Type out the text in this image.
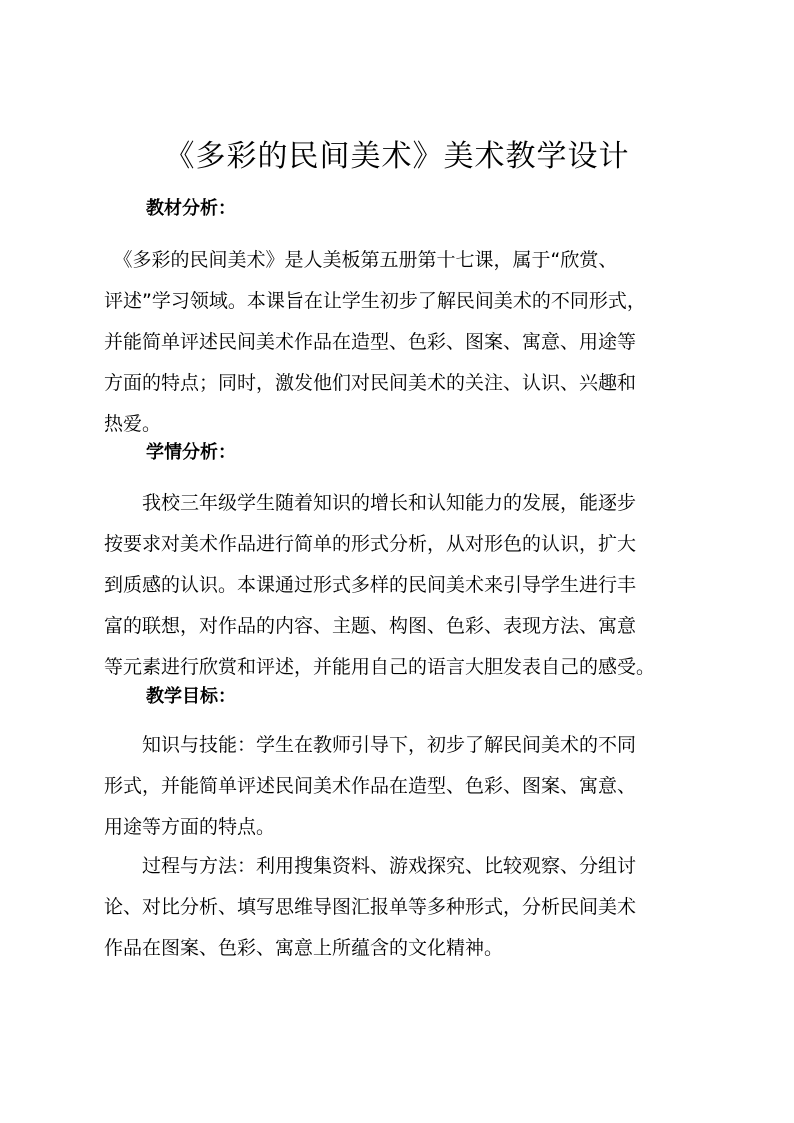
《多彩的民间美术》美术教学设计
教材分析：

　《多彩的民间美术》是人美板第五册第十七课，属于“欣赏、
评述”学习领域。本课旨在让学生初步了解民间美术的不同形式，
并能简单评述民间美术作品在造型、色彩、图案、寓意、用途等
方面的特点；同时，激发他们对民间美术的关注、认识、兴趣和
热爱。

学情分析：

　　我校三年级学生随着知识的增长和认知能力的发展，能逐步
按要求对美术作品进行简单的形式分析，从对形色的认识，扩大
到质感的认识。本课通过形式多样的民间美术来引导学生进行丰
富的联想，对作品的内容、主题、构图、色彩、表现方法、寓意
等元素进行欣赏和评述，并能用自己的语言大胆发表自己的感受。

教学目标：

　　知识与技能：学生在教师引导下，初步了解民间美术的不同
形式，并能简单评述民间美术作品在造型、色彩、图案、寓意、
用途等方面的特点。

　　过程与方法：利用搜集资料、游戏探究、比较观察、分组讨
论、对比分析、填写思维导图汇报单等多种形式，分析民间美术
作品在图案、色彩、寓意上所蕴含的文化精神。
